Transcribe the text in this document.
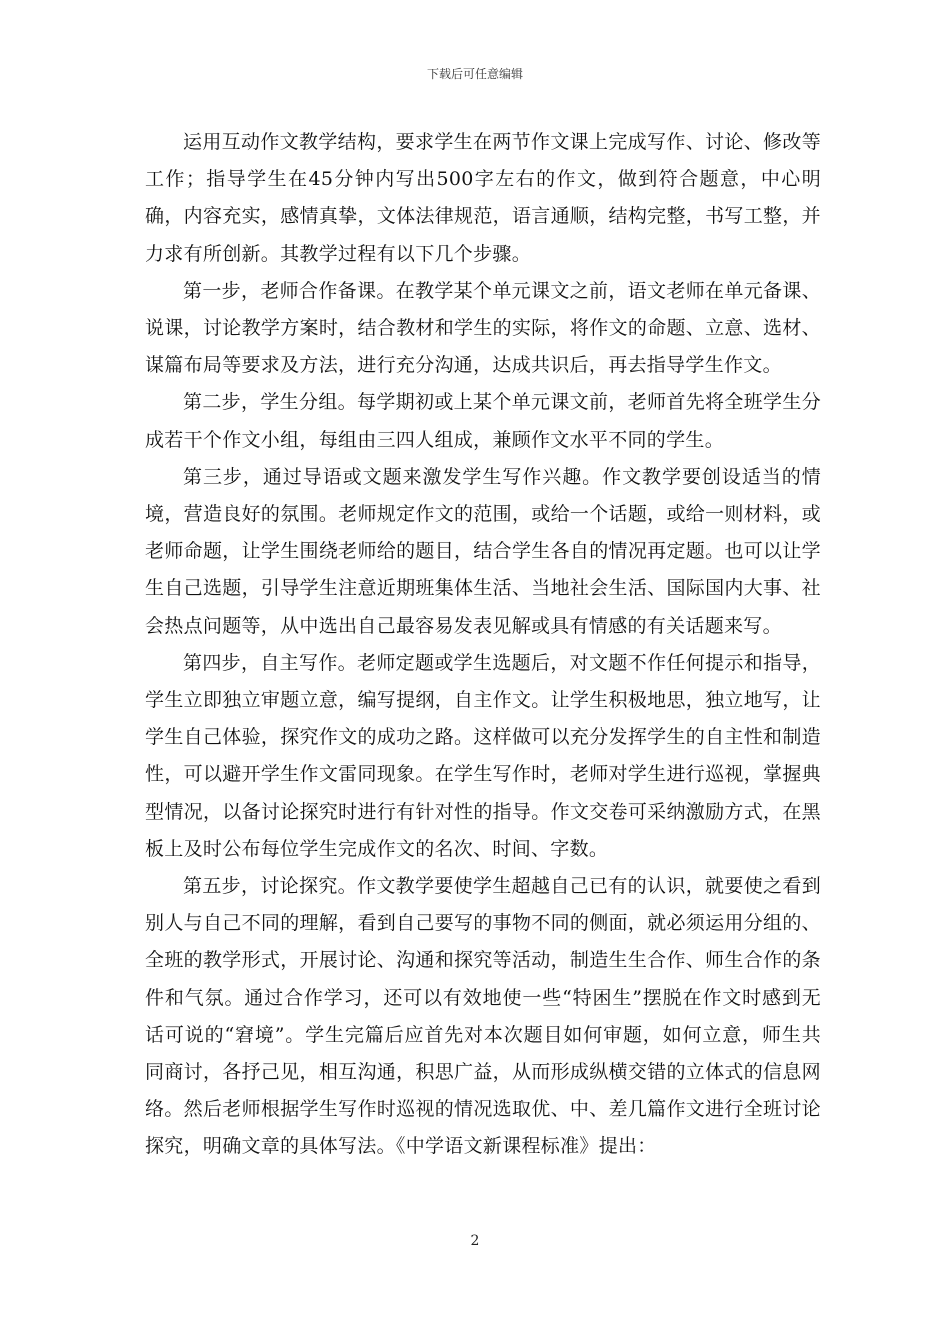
下载后可任意编辑

运用互动作文教学结构，要求学生在两节作文课上完成写作、讨论、修改等工作；指导学生在45分钟内写出500字左右的作文，做到符合题意，中心明确，内容充实，感情真挚，文体法律规范，语言通顺，结构完整，书写工整，并力求有所创新。其教学过程有以下几个步骤。

第一步，老师合作备课。在教学某个单元课文之前，语文老师在单元备课、说课，讨论教学方案时，结合教材和学生的实际，将作文的命题、立意、选材、谋篇布局等要求及方法，进行充分沟通，达成共识后，再去指导学生作文。

第二步，学生分组。每学期初或上某个单元课文前，老师首先将全班学生分成若干个作文小组，每组由三四人组成，兼顾作文水平不同的学生。

第三步，通过导语或文题来激发学生写作兴趣。作文教学要创设适当的情境，营造良好的氛围。老师规定作文的范围，或给一个话题，或给一则材料，或老师命题，让学生围绕老师给的题目，结合学生各自的情况再定题。也可以让学生自己选题，引导学生注意近期班集体生活、当地社会生活、国际国内大事、社会热点问题等，从中选出自己最容易发表见解或具有情感的有关话题来写。

第四步，自主写作。老师定题或学生选题后，对文题不作任何提示和指导，学生立即独立审题立意，编写提纲，自主作文。让学生积极地思，独立地写，让学生自己体验，探究作文的成功之路。这样做可以充分发挥学生的自主性和制造性，可以避开学生作文雷同现象。在学生写作时，老师对学生进行巡视，掌握典型情况，以备讨论探究时进行有针对性的指导。作文交卷可采纳激励方式，在黑板上及时公布每位学生完成作文的名次、时间、字数。

第五步，讨论探究。作文教学要使学生超越自己已有的认识，就要使之看到别人与自己不同的理解，看到自己要写的事物不同的侧面，就必须运用分组的、全班的教学形式，开展讨论、沟通和探究等活动，制造生生合作、师生合作的条件和气氛。通过合作学习，还可以有效地使一些“特困生”摆脱在作文时感到无话可说的“窘境”。学生完篇后应首先对本次题目如何审题，如何立意，师生共同商讨，各抒己见，相互沟通，积思广益，从而形成纵横交错的立体式的信息网络。然后老师根据学生写作时巡视的情况选取优、中、差几篇作文进行全班讨论探究，明确文章的具体写法。《中学语文新课程标准》提出：

2
